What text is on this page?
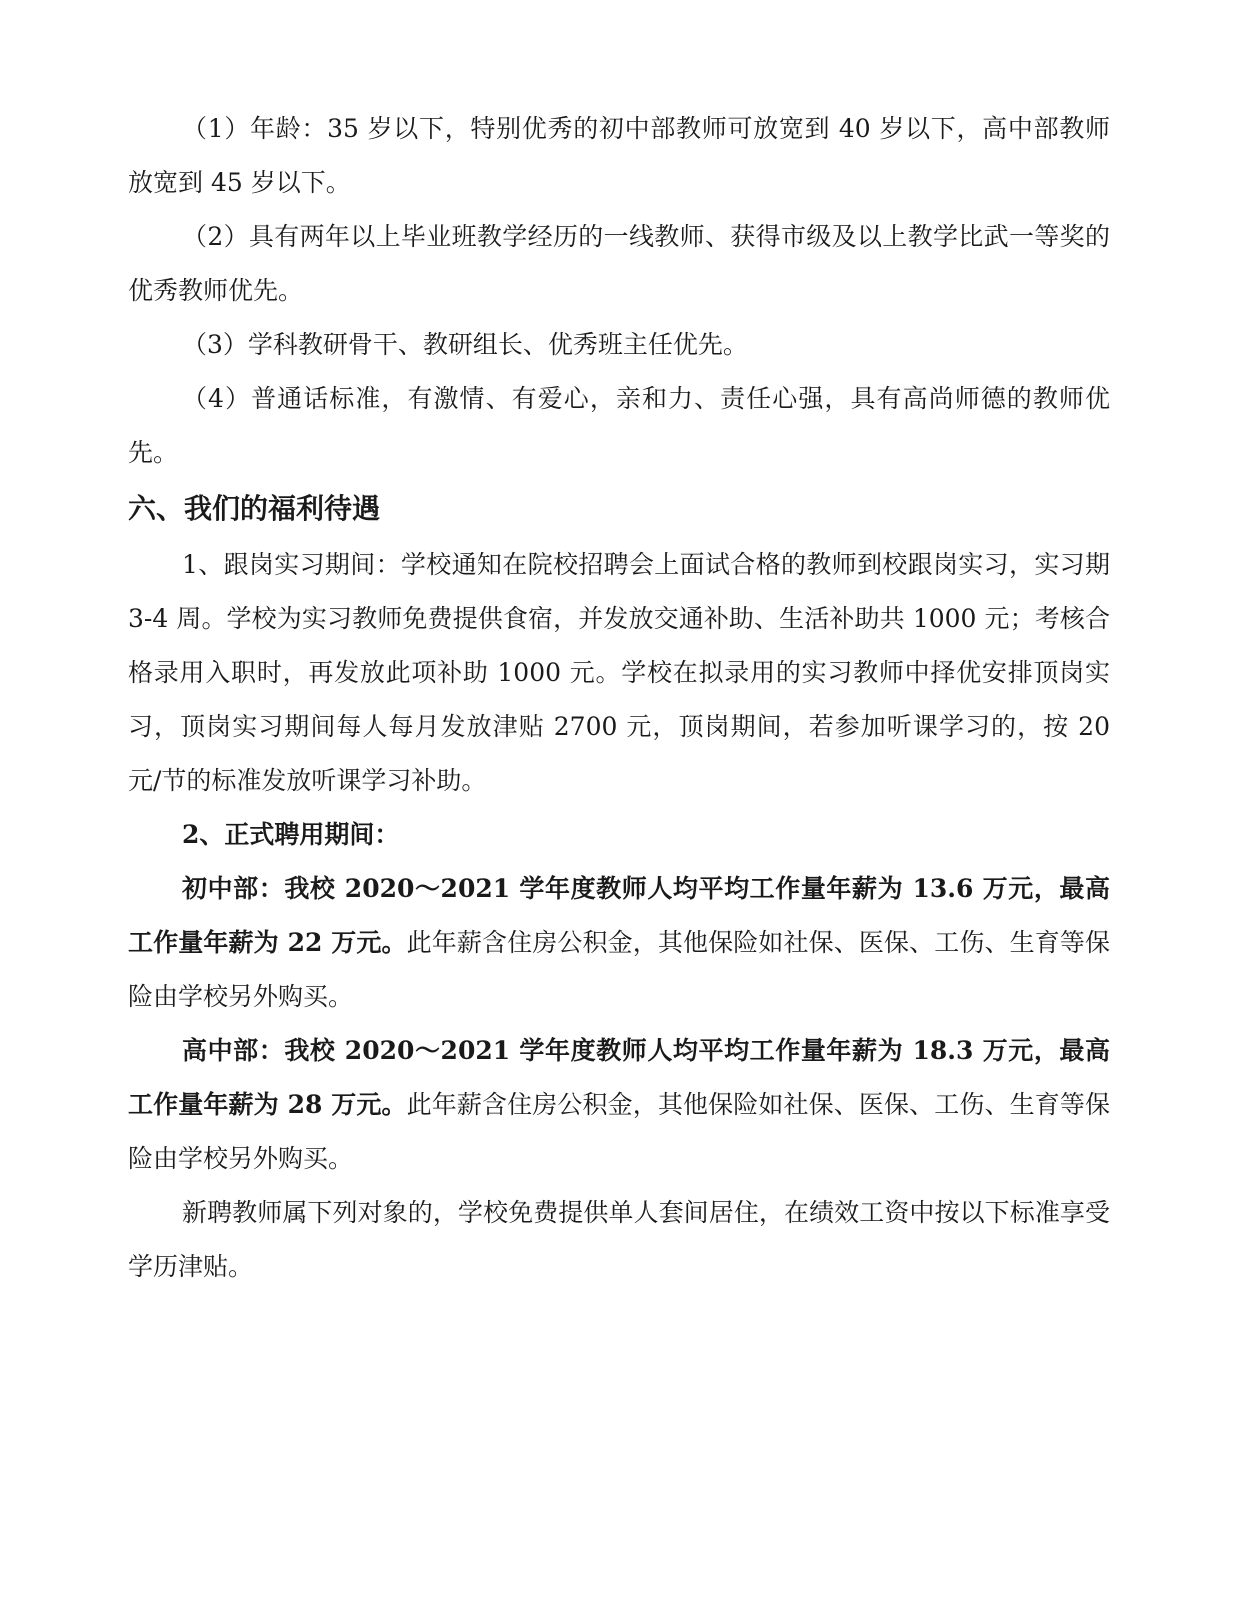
（1）年龄：35 岁以下，特别优秀的初中部教师可放宽到 40 岁以下，高中部教师放宽到 45 岁以下。

（2）具有两年以上毕业班教学经历的一线教师、获得市级及以上教学比武一等奖的优秀教师优先。

（3）学科教研骨干、教研组长、优秀班主任优先。

（4）普通话标准，有激情、有爱心，亲和力、责任心强，具有高尚师德的教师优先。

六、我们的福利待遇

1、跟岗实习期间：学校通知在院校招聘会上面试合格的教师到校跟岗实习，实习期 3-4 周。学校为实习教师免费提供食宿，并发放交通补助、生活补助共 1000 元；考核合格录用入职时，再发放此项补助 1000 元。学校在拟录用的实习教师中择优安排顶岗实习，顶岗实习期间每人每月发放津贴 2700 元，顶岗期间，若参加听课学习的，按 20 元/节的标准发放听课学习补助。

2、正式聘用期间：

初中部：我校 2020～2021 学年度教师人均平均工作量年薪为 13.6 万元，最高工作量年薪为 22 万元。此年薪含住房公积金，其他保险如社保、医保、工伤、生育等保险由学校另外购买。

高中部：我校 2020～2021 学年度教师人均平均工作量年薪为 18.3 万元，最高工作量年薪为 28 万元。此年薪含住房公积金，其他保险如社保、医保、工伤、生育等保险由学校另外购买。

新聘教师属下列对象的，学校免费提供单人套间居住，在绩效工资中按以下标准享受学历津贴。
